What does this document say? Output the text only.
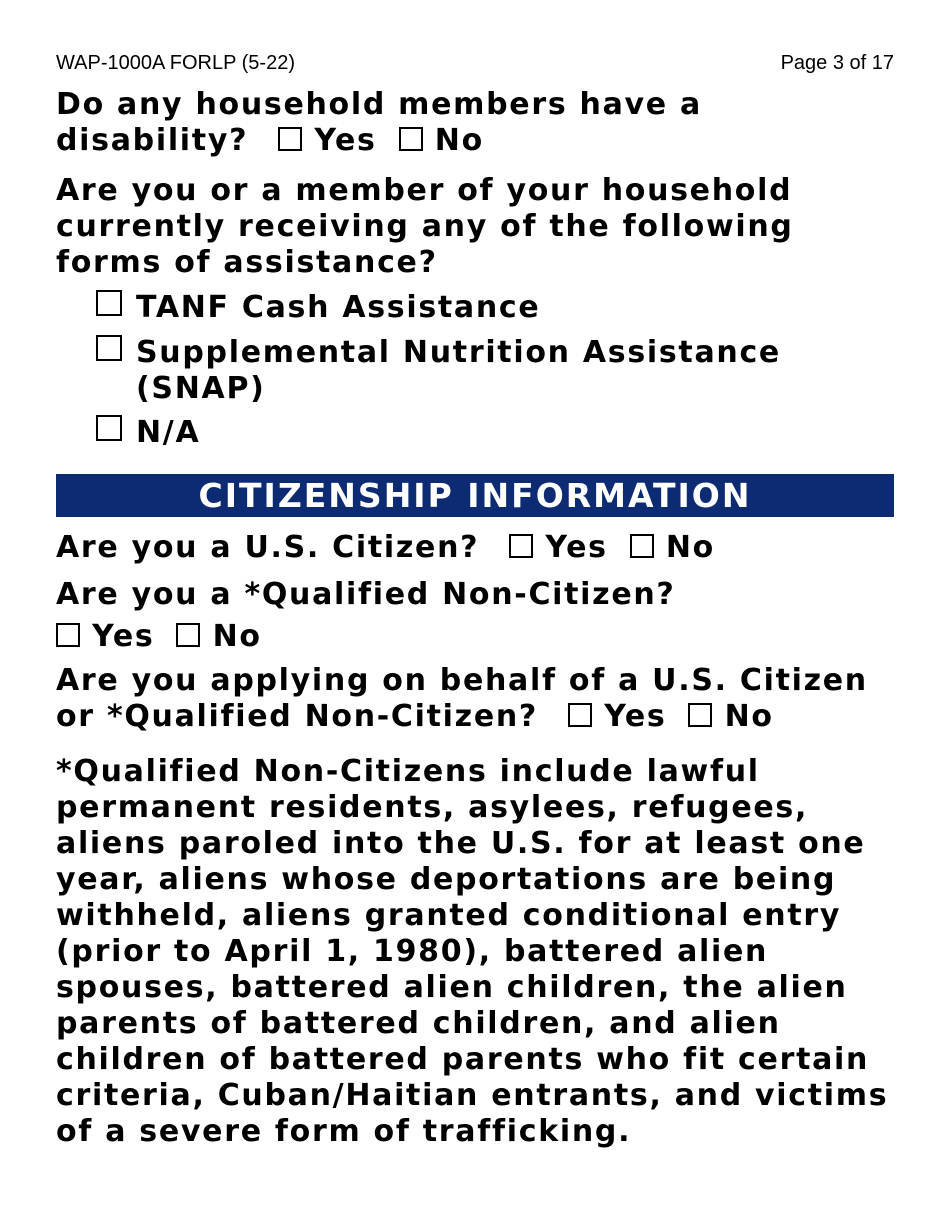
WAP-1000A FORLP (5-22)	Page 3 of 17
Do any household members have a
disability? Yes No
Are you or a member of your household currently receiving any of the following forms of assistance?
TANF Cash Assistance
Supplemental Nutrition Assistance (SNAP)
N/A
CITIZENSHIP INFORMATION
Are you a U.S. Citizen? Yes No
Are you a *Qualified Non-Citizen?
Yes No
Are you applying on behalf of a U.S. Citizen
or *Qualified Non-Citizen? Yes No
*Qualified Non-Citizens include lawful permanent residents, asylees, refugees, aliens paroled into the U.S. for at least one year, aliens whose deportations are being withheld, aliens granted conditional entry (prior to April 1, 1980), battered alien spouses, battered alien children, the alien parents of battered children, and alien children of battered parents who fit certain criteria, Cuban/Haitian entrants, and victims of a severe form of trafficking.
